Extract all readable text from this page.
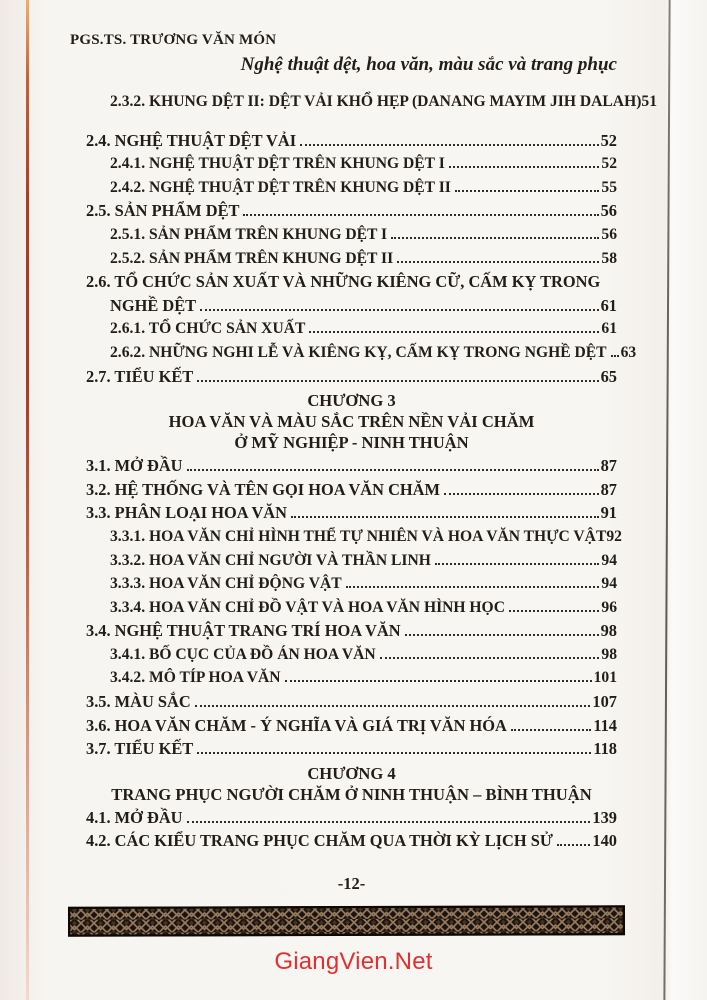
PGS.TS. TRƯƠNG VĂN MÓN
Nghệ thuật dệt, hoa văn, màu sắc và trang phục
2.3.2. KHUNG DỆT II: DỆT VẢI KHỔ HẸP (DANANG MAYIM JIH DALAH) 51
2.4. NGHỆ THUẬT DỆT VẢI	52
2.4.1. NGHỆ THUẬT DỆT TRÊN KHUNG DỆT I	52
2.4.2. NGHỆ THUẬT DỆT TRÊN KHUNG DỆT II	55
2.5. SẢN PHẨM DỆT	56
2.5.1. SẢN PHẨM TRÊN KHUNG DỆT I	56
2.5.2. SẢN PHẨM TRÊN KHUNG DỆT II	58
2.6. TỔ CHỨC SẢN XUẤT VÀ NHỮNG KIÊNG CỮ, CẤM KỴ TRONG
NGHỀ DỆT	61
2.6.1. TỔ CHỨC SẢN XUẤT	61
2.6.2. NHỮNG NGHI LỄ VÀ KIÊNG KỴ, CẤM KỴ TRONG NGHỀ DỆT 63
2.7. TIỂU KẾT	65
CHƯƠNG 3
HOA VĂN VÀ MÀU SẮC TRÊN NỀN VẢI CHĂM
Ở MỸ NGHIỆP - NINH THUẬN
3.1. MỞ ĐẦU	87
3.2. HỆ THỐNG VÀ TÊN GỌI HOA VĂN CHĂM	87
3.3. PHÂN LOẠI HOA VĂN	91
3.3.1. HOA VĂN CHỈ HÌNH THỂ TỰ NHIÊN VÀ HOA VĂN THỰC VẬT 92
3.3.2. HOA VĂN CHỈ NGƯỜI VÀ THẦN LINH	94
3.3.3. HOA VĂN CHỈ ĐỘNG VẬT	94
3.3.4. HOA VĂN CHỈ ĐỒ VẬT VÀ HOA VĂN HÌNH HỌC	96
3.4. NGHỆ THUẬT TRANG TRÍ HOA VĂN	98
3.4.1. BỐ CỤC CỦA ĐỒ ÁN HOA VĂN	98
3.4.2. MÔ TÍP HOA VĂN	101
3.5. MÀU SẮC	107
3.6. HOA VĂN CHĂM - Ý NGHĨA VÀ GIÁ TRỊ VĂN HÓA	114
3.7. TIỂU KẾT	118
CHƯƠNG 4
TRANG PHỤC NGƯỜI CHĂM Ở NINH THUẬN – BÌNH THUẬN
4.1. MỞ ĐẦU	139
4.2. CÁC KIỂU TRANG PHỤC CHĂM QUA THỜI KỲ LỊCH SỬ 140
-12-
GiangVien.Net
